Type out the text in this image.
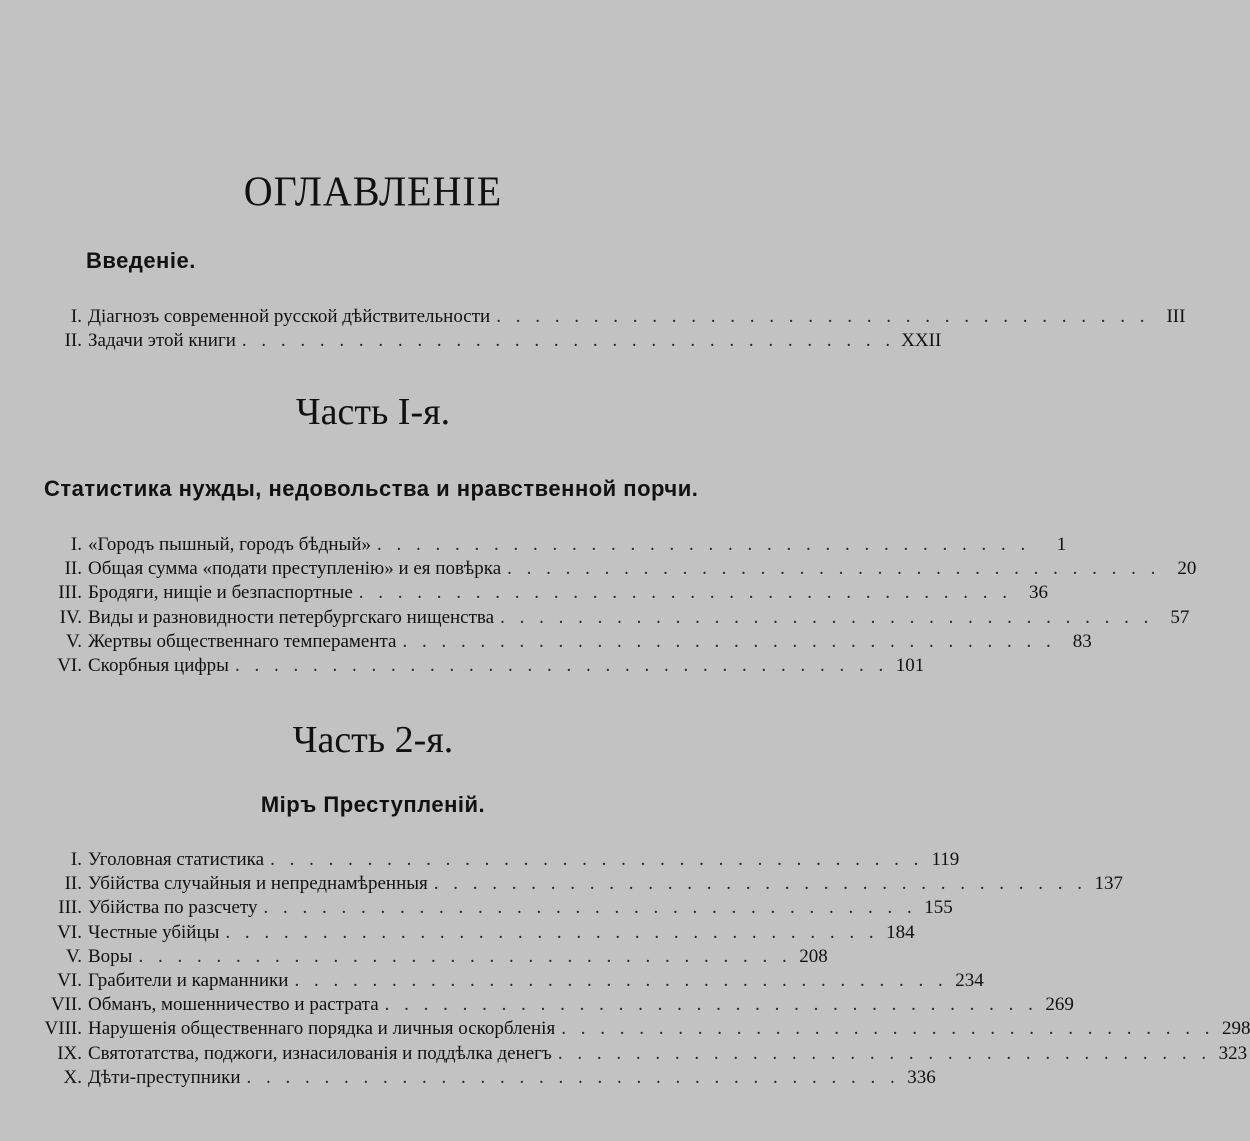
ОГЛАВЛЕНIЕ
Введенiе.
I. Дiагнозъ современной русской дѣйствительности . . . . . . . . . . . . . . . . . . . . . . . . . . . . . . . . . . III
II. Задачи этой книги . . . . . . . . . . . . . . . . . . . . . . . . . . . . . . . . . . XXII
Часть I-я.
Статистика нужды, недовольства и нравственной порчи.
I. «Городъ пышный, городъ бѣдный» . . . . . . . . . . . . . . . . . . . . . . . . . . . . . . . . . .	1
II. Общая сумма «подати преступленiю» и ея повѣрка . . . . . . . . . . . . . . . . . . . . . . . . . . . . . . . . . . 20
III. Бродяги, нищiе и безпаспортные . . . . . . . . . . . . . . . . . . . . . . . . . . . . . . . . . . 36
IV. Виды и разновидности петербургскаго нищенства . . . . . . . . . . . . . . . . . . . . . . . . . . . . . . . . . . 57
V. Жертвы общественнаго темперамента . . . . . . . . . . . . . . . . . . . . . . . . . . . . . . . . . . 83
VI. Скорбныя цифры . . . . . . . . . . . . . . . . . . . . . . . . . . . . . . . . . . 101
Часть 2-я.
Мiръ Преступленiй.
I. Уголовная статистика . . . . . . . . . . . . . . . . . . . . . . . . . . . . . . . . . . 119
II. Убiйства случайныя и непреднамѣренныя . . . . . . . . . . . . . . . . . . . . . . . . . . . . . . . . . . 137
III. Убiйства по разсчету . . . . . . . . . . . . . . . . . . . . . . . . . . . . . . . . . . 155
VI. Честные убiйцы . . . . . . . . . . . . . . . . . . . . . . . . . . . . . . . . . . 184
V. Воры . . . . . . . . . . . . . . . . . . . . . . . . . . . . . . . . . . 208
VI. Грабители и карманники . . . . . . . . . . . . . . . . . . . . . . . . . . . . . . . . . . 234
VII. Обманъ, мошенничество и растрата . . . . . . . . . . . . . . . . . . . . . . . . . . . . . . . . . . 269
VIII. Нарушенiя общественнаго порядка и личныя оскорбленiя . . . . . . . . . . . . . . . . . . . . . . . . . . . . . . . . . . 298
IX. Святотатства, поджоги, изнасилованiя и поддѣлка денегъ . . . . . . . . . . . . . . . . . . . . . . . . . . . . . . . . . . 323
X. Дѣти-преступники . . . . . . . . . . . . . . . . . . . . . . . . . . . . . . . . . . 336
